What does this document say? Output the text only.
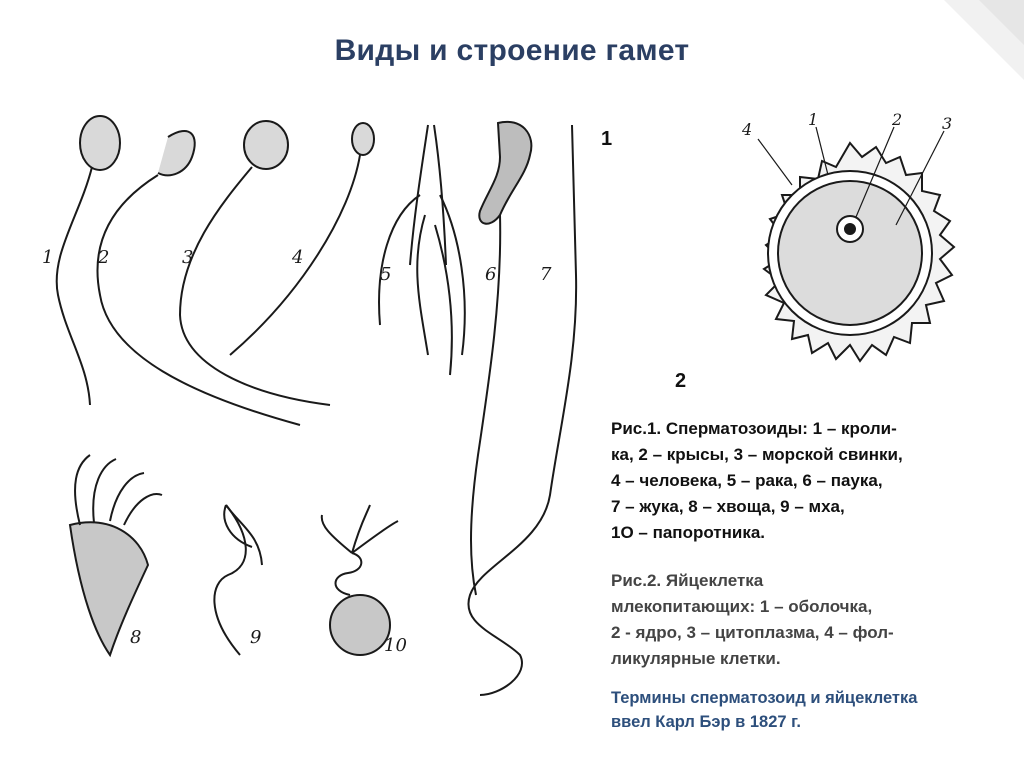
Виды и строение гамет
1 2	3	4
5	6 7
8	9	10
1
2
4
1	2 3
Рис.1. Сперматозоиды: 1 – кроли-
ка, 2 – крысы, 3 – морской свинки,
4 – человека, 5 – рака, 6 – паука,
7 – жука, 8 – хвоща, 9 – мха,
1О – папоротника.
Рис.2. Яйцеклетка
млекопитающих: 1 – оболочка,
2 - ядро, 3 – цитоплазма, 4 – фол-
ликулярные клетки.
Термины сперматозоид и яйцеклетка
ввел Карл Бэр в 1827 г.
